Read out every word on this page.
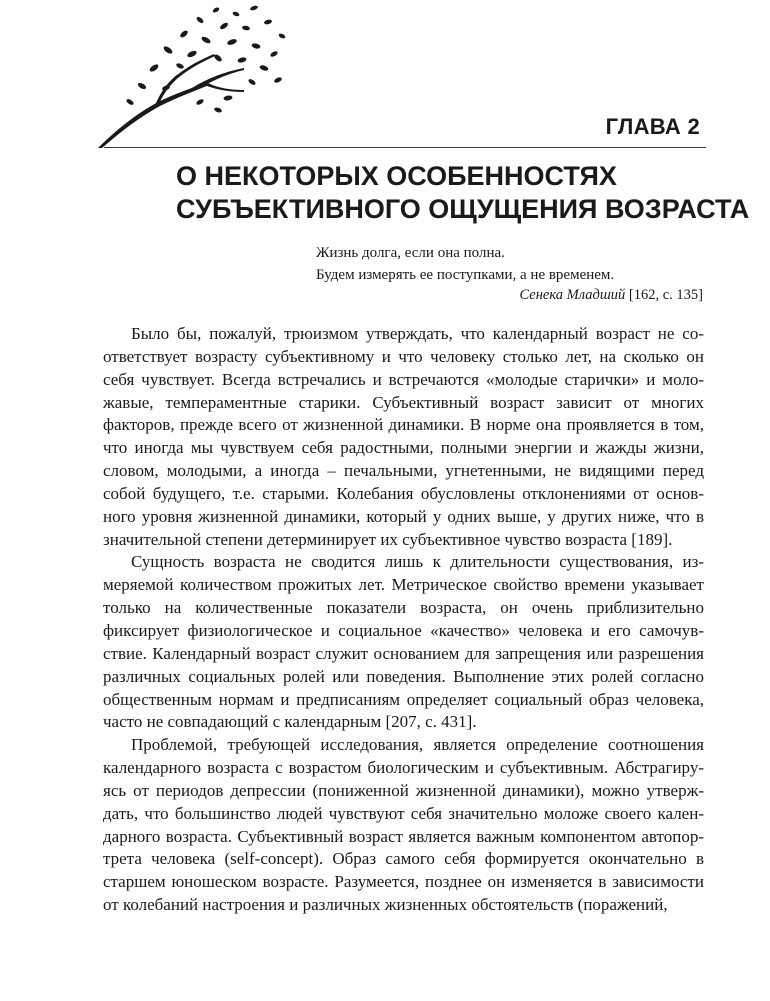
ГЛАВА 2
О НЕКОТОРЫХ ОСОБЕННОСТЯХ
СУБЪЕКТИВНОГО ОЩУЩЕНИЯ ВОЗРАСТА
Жизнь долга, если она полна.
Будем измерять ее поступками, а не временем.
Сенека Младший [162, с. 135]

Было бы, пожалуй, трюизмом утверждать, что календарный возраст не соответствует возрасту субъективному и что человеку столько лет, на сколько он себя чувствует. Всегда встречались и встречаются «молодые старички» и моложавые, темпераментные старики. Субъективный возраст зависит от многих факторов, прежде всего от жизненной динамики. В норме она проявляется в том, что иногда мы чувствуем себя радостными, полными энергии и жажды жизни, словом, молодыми, а иногда – печальными, угнетенными, не видящими перед собой будущего, т.е. старыми. Колебания обусловлены отклонениями от основного уровня жизненной динамики, который у одних выше, у других ниже, что в значительной степени детерминирует их субъективное чувство возраста [189].

Сущность возраста не сводится лишь к длительности существования, измеряемой количеством прожитых лет. Метрическое свойство времени указывает только на количественные показатели возраста, он очень приблизительно фиксирует физиологическое и социальное «качество» человека и его самочувствие. Календарный возраст служит основанием для запрещения или разрешения различных социальных ролей или поведения. Выполнение этих ролей согласно общественным нормам и предписаниям определяет социальный образ человека, часто не совпадающий с календарным [207, с. 431].

Проблемой, требующей исследования, является определение соотношения календарного возраста с возрастом биологическим и субъективным. Абстрагируясь от периодов депрессии (пониженной жизненной динамики), можно утверждать, что большинство людей чувствуют себя значительно моложе своего календарного возраста. Субъективный возраст является важным компонентом автопортрета человека (self-concept). Образ самого себя формируется окончательно в старшем юношеском возрасте. Разумеется, позднее он изменяется в зависимости от колебаний настроения и различных жизненных обстоятельств (поражений,
